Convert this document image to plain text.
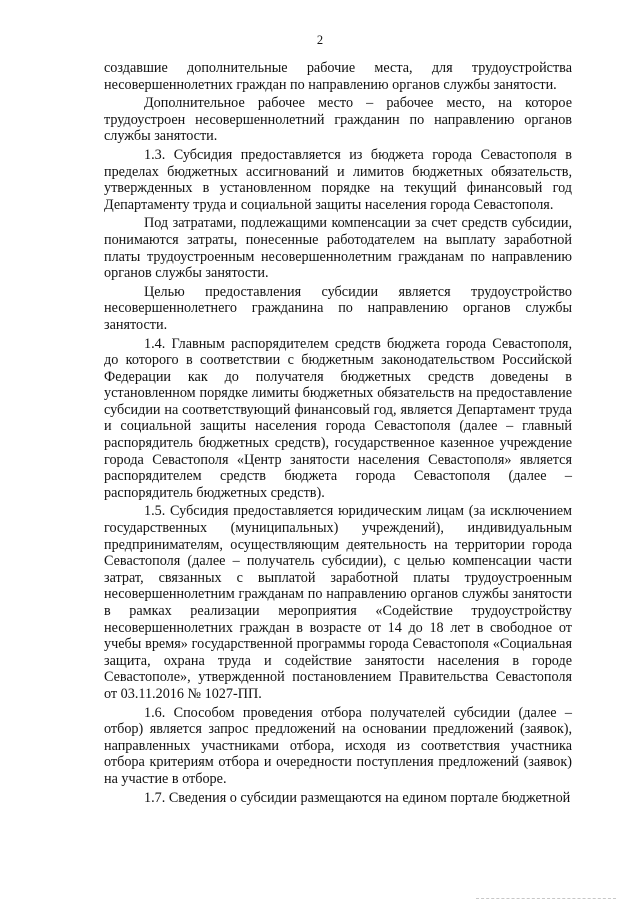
2

создавшие дополнительные рабочие места, для трудоустройства несовершеннолетних граждан по направлению органов службы занятости.

Дополнительное рабочее место – рабочее место, на которое трудоустроен несовершеннолетний гражданин по направлению органов службы занятости.

1.3. Субсидия предоставляется из бюджета города Севастополя в пределах бюджетных ассигнований и лимитов бюджетных обязательств, утвержденных в установленном порядке на текущий финансовый год Департаменту труда и социальной защиты населения города Севастополя.

Под затратами, подлежащими компенсации за счет средств субсидии, понимаются затраты, понесенные работодателем на выплату заработной платы трудоустроенным несовершеннолетним гражданам по направлению органов службы занятости.

Целью предоставления субсидии является трудоустройство несовершеннолетнего гражданина по направлению органов службы занятости.

1.4. Главным распорядителем средств бюджета города Севастополя, до которого в соответствии с бюджетным законодательством Российской Федерации как до получателя бюджетных средств доведены в установленном порядке лимиты бюджетных обязательств на предоставление субсидии на соответствующий финансовый год, является Департамент труда и социальной защиты населения города Севастополя (далее – главный распорядитель бюджетных средств), государственное казенное учреждение города Севастополя «Центр занятости населения Севастополя» является распорядителем средств бюджета города Севастополя (далее – распорядитель бюджетных средств).

1.5. Субсидия предоставляется юридическим лицам (за исключением государственных (муниципальных) учреждений), индивидуальным предпринимателям, осуществляющим деятельность на территории города Севастополя (далее – получатель субсидии), с целью компенсации части затрат, связанных с выплатой заработной платы трудоустроенным несовершеннолетним гражданам по направлению органов службы занятости в рамках реализации мероприятия «Содействие трудоустройству несовершеннолетних граждан в возрасте от 14 до 18 лет в свободное от учебы время» государственной программы города Севастополя «Социальная защита, охрана труда и содействие занятости населения в городе Севастополе», утвержденной постановлением Правительства Севастополя от 03.11.2016 № 1027-ПП.

1.6. Способом проведения отбора получателей субсидии (далее – отбор) является запрос предложений на основании предложений (заявок), направленных участниками отбора, исходя из соответствия участника отбора критериям отбора и очередности поступления предложений (заявок) на участие в отборе.

1.7. Сведения о субсидии размещаются на едином портале бюджетной
